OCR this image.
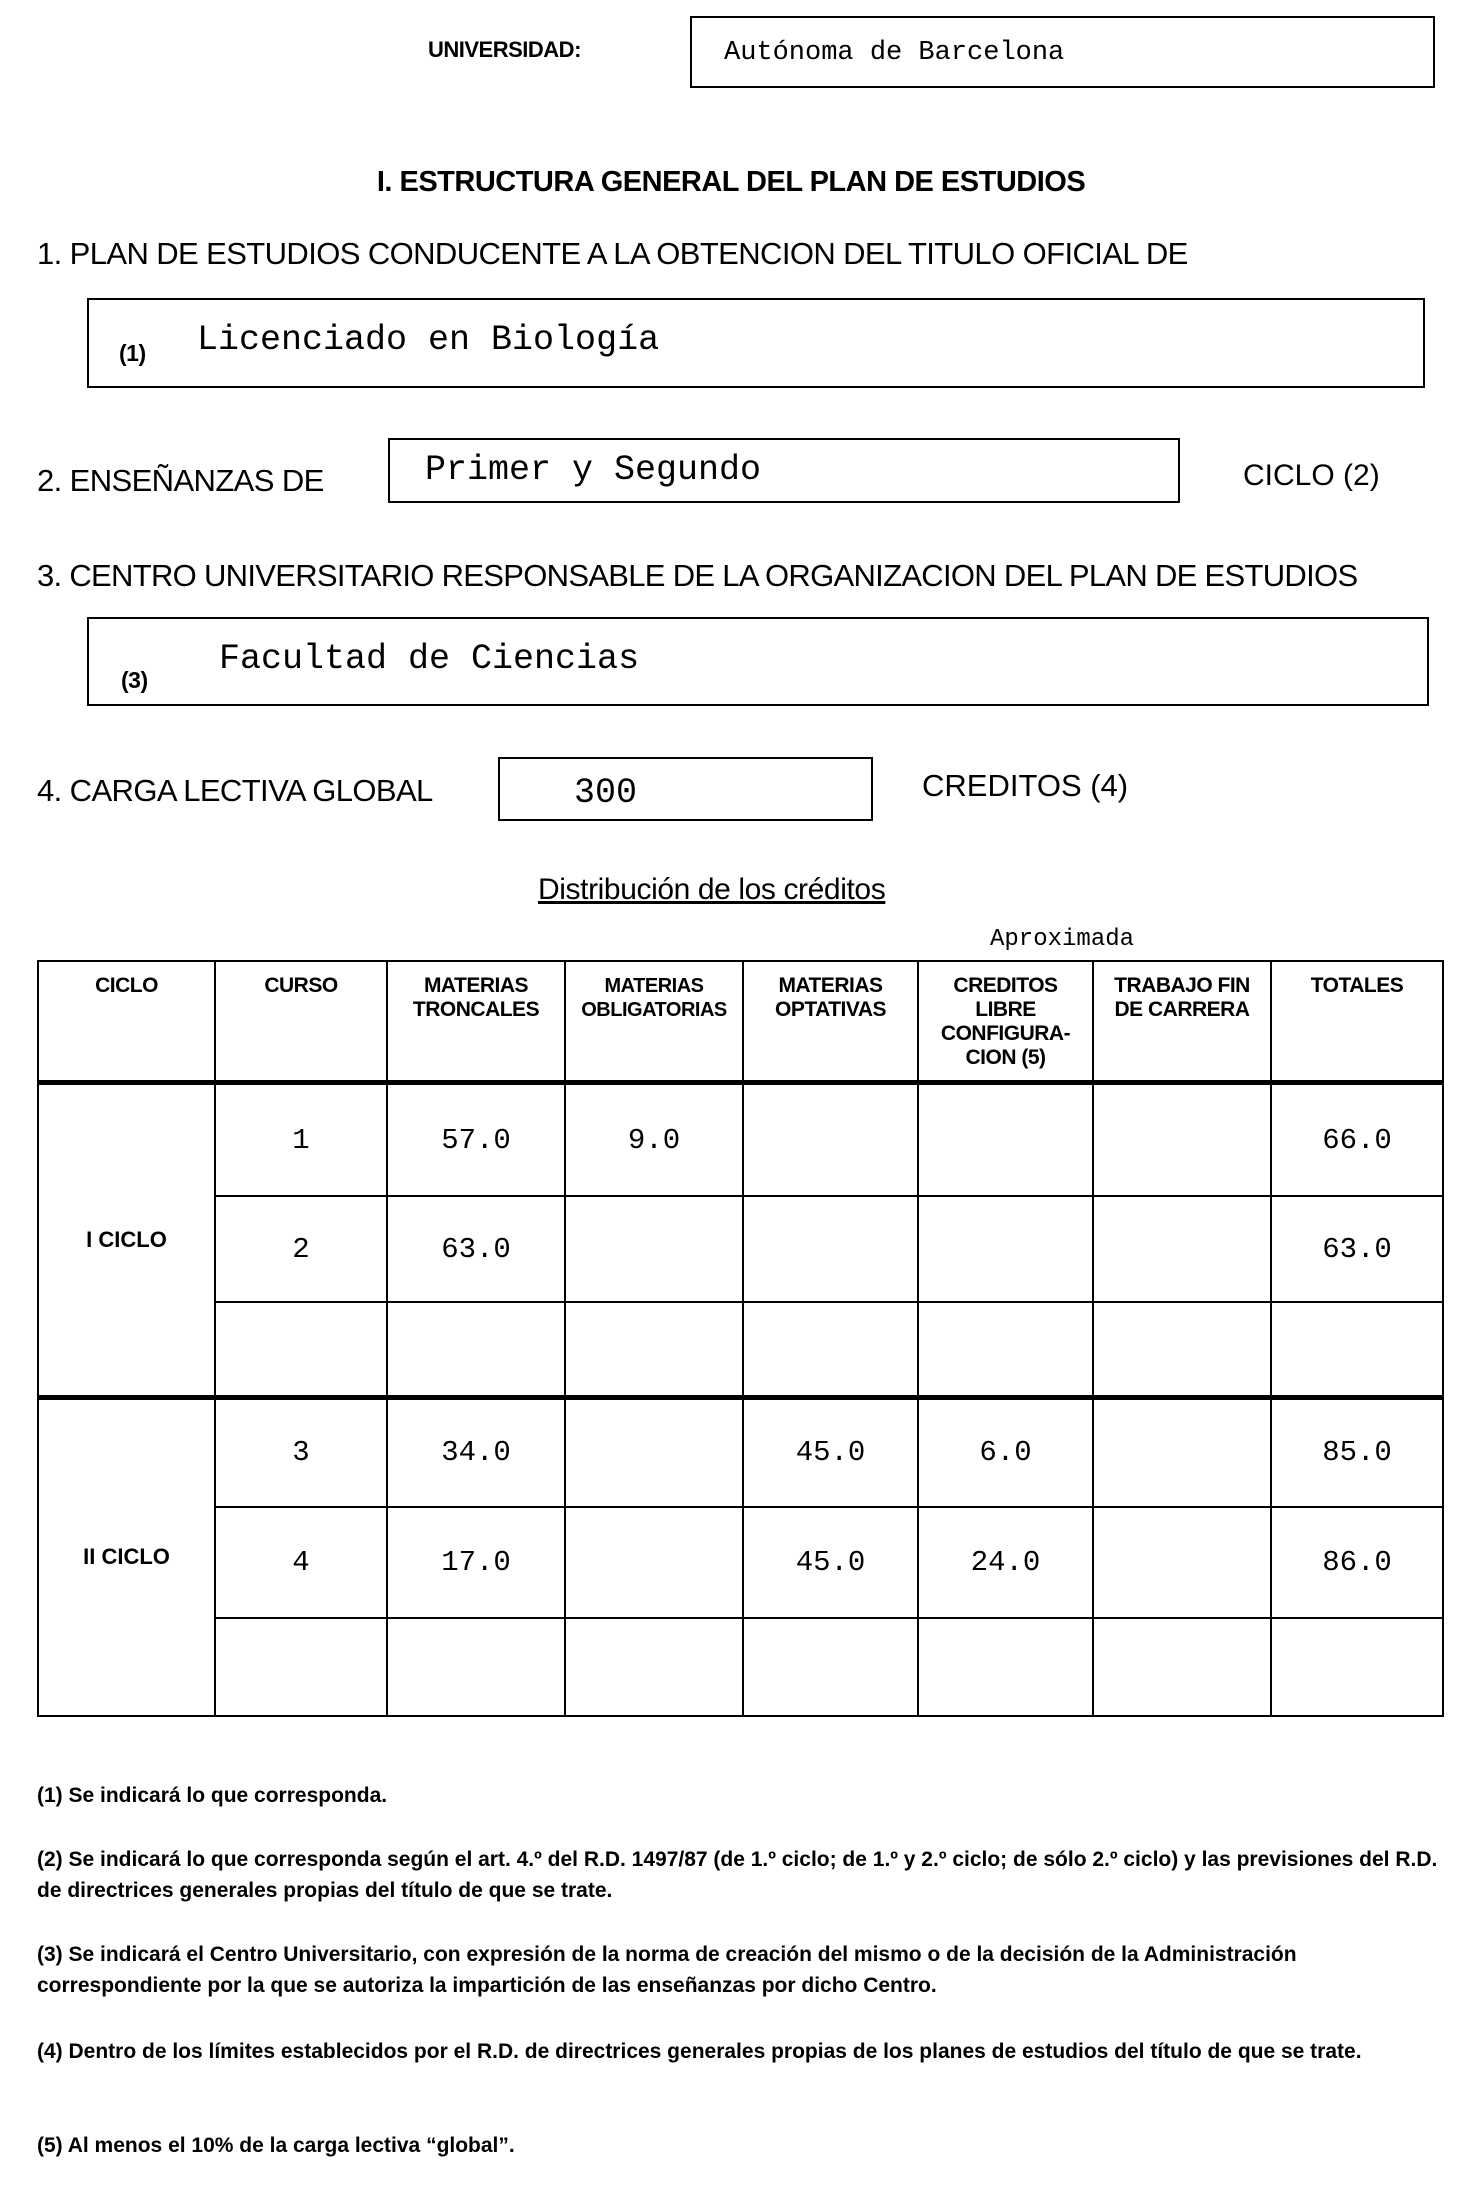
UNIVERSIDAD:	Autónoma de Barcelona
I. ESTRUCTURA GENERAL DEL PLAN DE ESTUDIOS
1. PLAN DE ESTUDIOS CONDUCENTE A LA OBTENCION DEL TITULO OFICIAL DE
(1) Licenciado en Biología
2. ENSEÑANZAS DE	Primer y Segundo	CICLO (2)
3. CENTRO UNIVERSITARIO RESPONSABLE DE LA ORGANIZACION DEL PLAN DE ESTUDIOS
(3)
Facultad de Ciencias
4. CARGA LECTIVA GLOBAL	300	CREDITOS (4)
Distribución de los créditos
Aproximada
CICLO	CURSO	MATERIAS TRONCALES	MATERIAS OBLIGATORIAS	MATERIAS OPTATIVAS	CREDITOS LIBRE CONFIGURA-CION (5)	TRABAJO FIN DE CARRERA	TOTALES
I CICLO	1	57.0	9.0				66.0
	2	63.0					63.0

II CICLO	3	34.0		45.0	6.0		85.0
	4	17.0		45.0	24.0		86.0

(1) Se indicará lo que corresponda.
(2) Se indicará lo que corresponda según el art. 4.º del R.D. 1497/87 (de 1.º ciclo; de 1.º y 2.º ciclo; de sólo 2.º ciclo) y las previsiones del R.D. de directrices generales propias del título de que se trate.
(3) Se indicará el Centro Universitario, con expresión de la norma de creación del mismo o de la decisión de la Administración correspondiente por la que se autoriza la impartición de las enseñanzas por dicho Centro.
(4) Dentro de los límites establecidos por el R.D. de directrices generales propias de los planes de estudios del título de que se trate.
(5) Al menos el 10% de la carga lectiva “global”.
